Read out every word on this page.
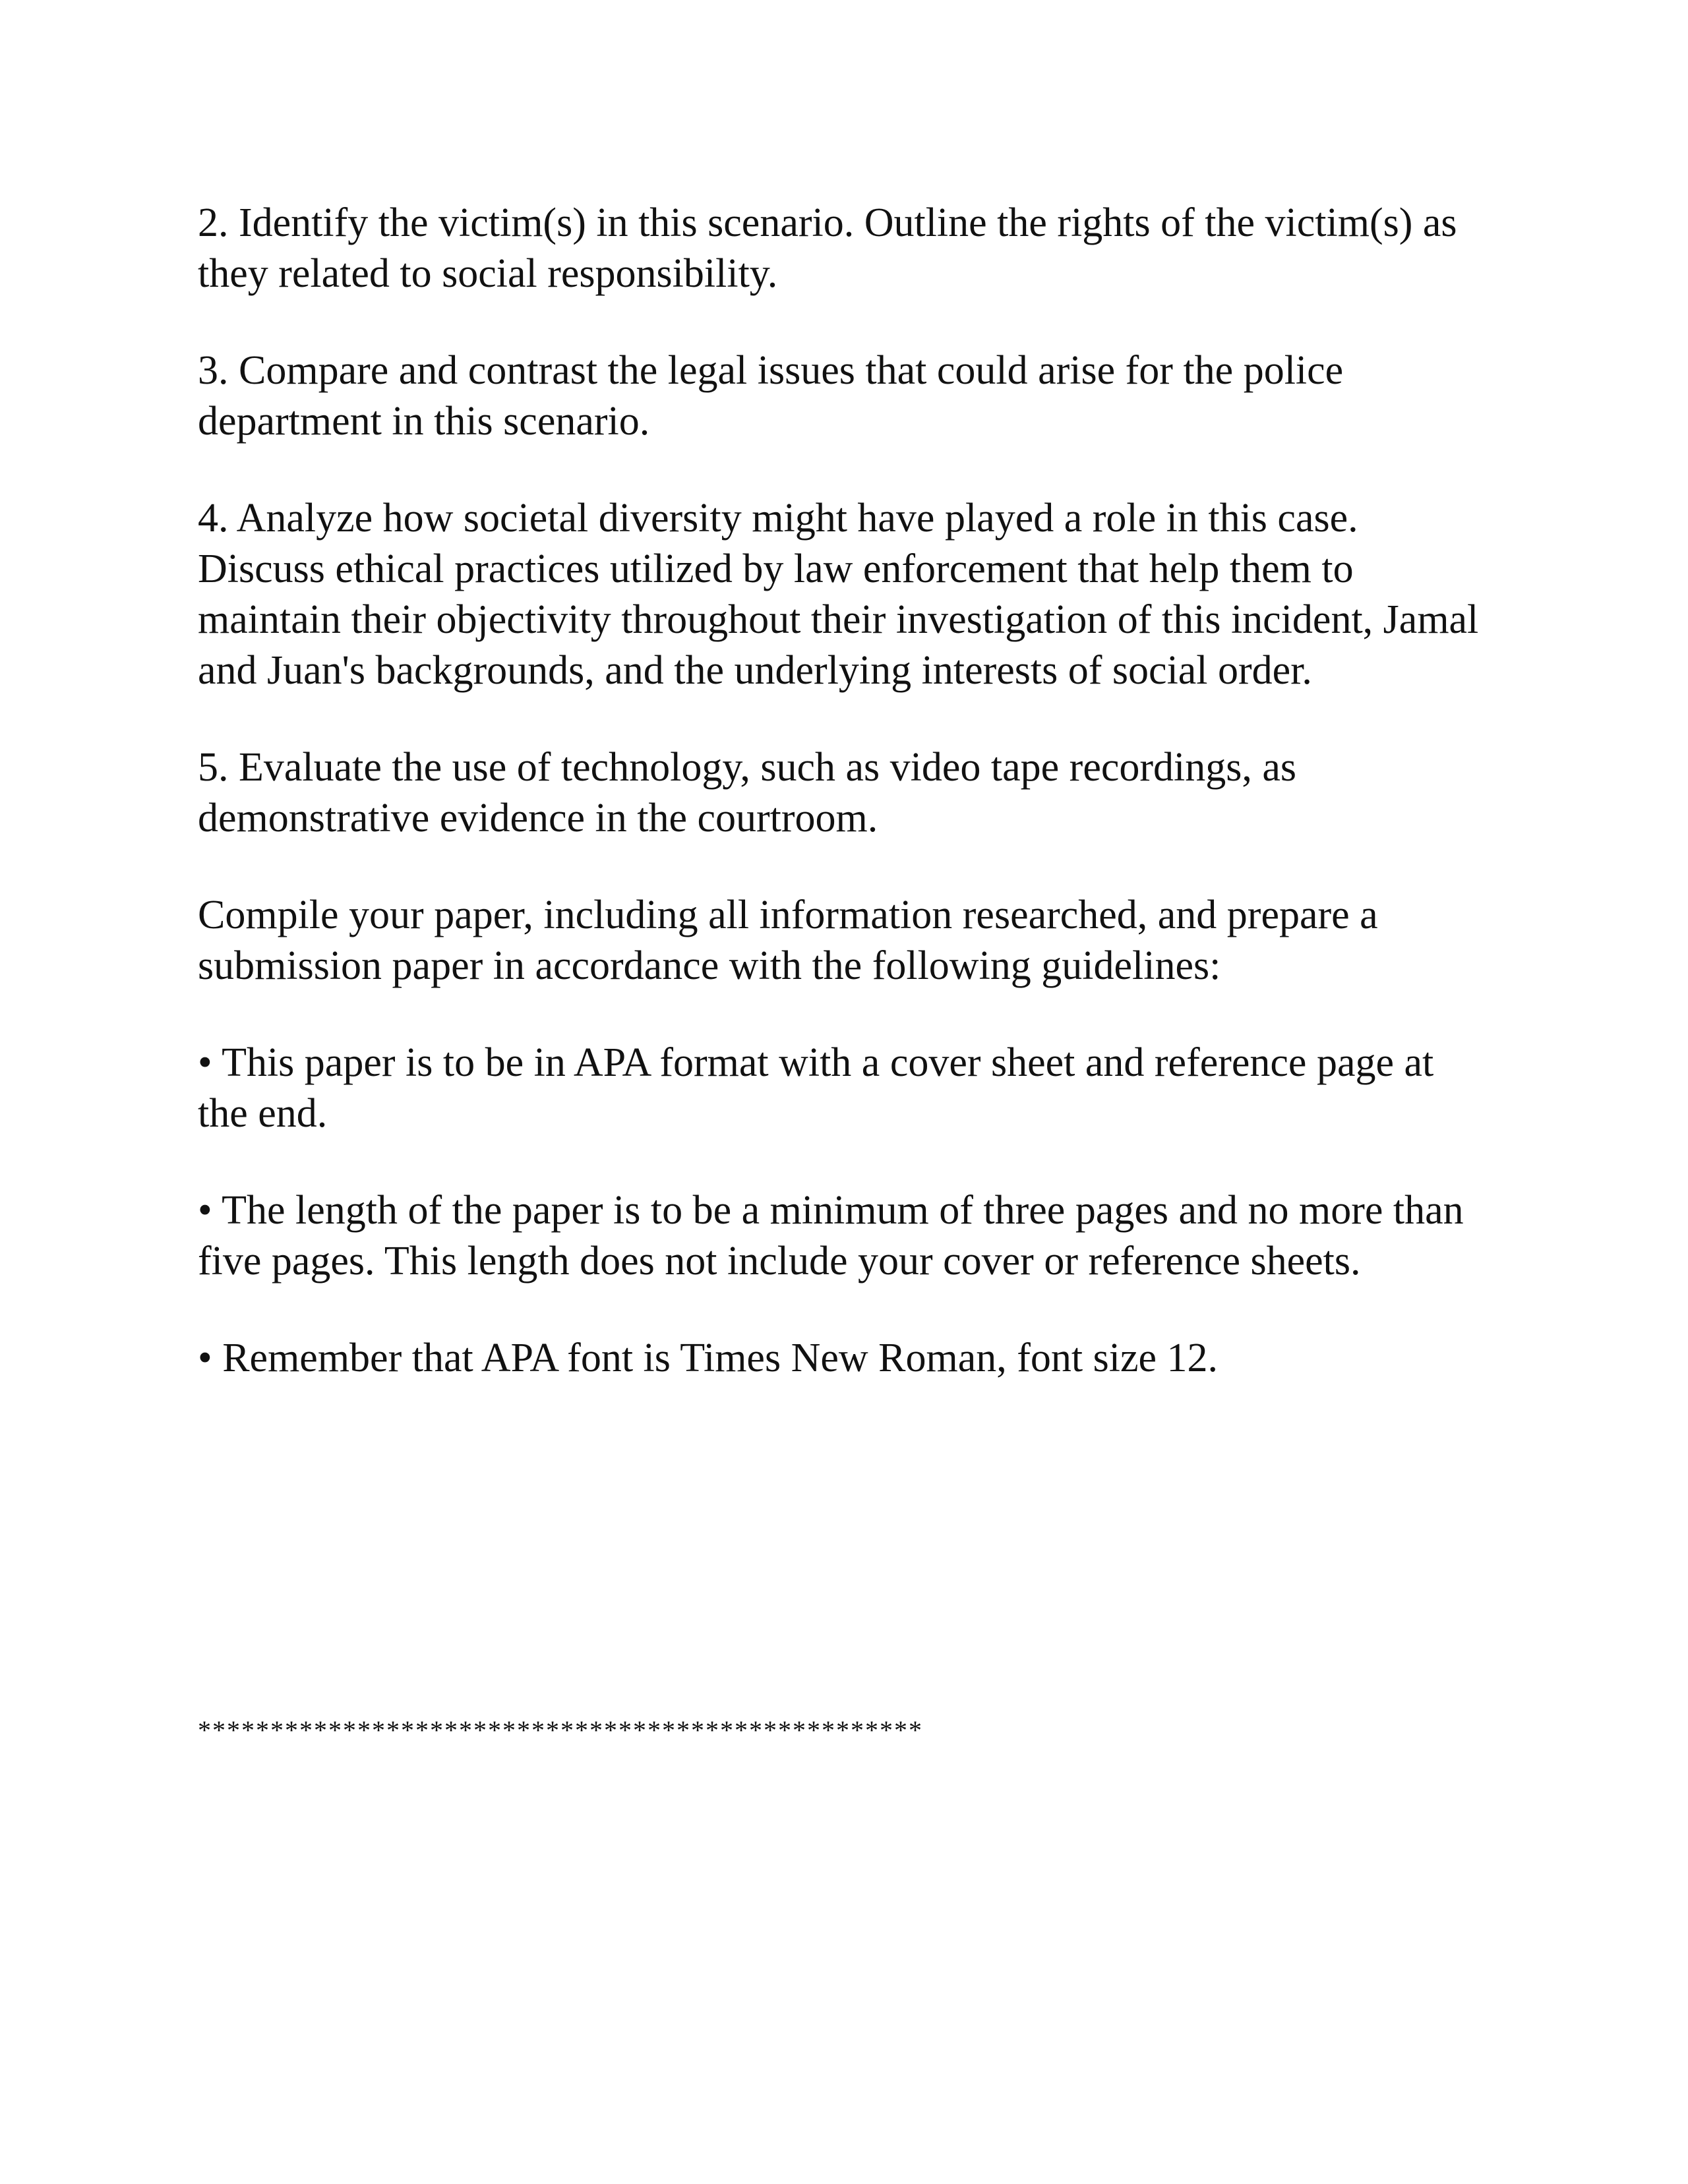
2. Identify the victim(s) in this scenario. Outline the rights of the victim(s) as they related to social responsibility.

3. Compare and contrast the legal issues that could arise for the police department in this scenario.

4. Analyze how societal diversity might have played a role in this case. Discuss ethical practices utilized by law enforcement that help them to maintain their objectivity throughout their investigation of this incident, Jamal and Juan's backgrounds, and the underlying interests of social order.

5. Evaluate the use of technology, such as video tape recordings, as demonstrative evidence in the courtroom.

Compile your paper, including all information researched, and prepare a submission paper in accordance with the following guidelines:

• This paper is to be in APA format with a cover sheet and reference page at the end.

• The length of the paper is to be a minimum of three pages and no more than five pages. This length does not include your cover or reference sheets.

• Remember that APA font is Times New Roman, font size 12.

**************************************************
